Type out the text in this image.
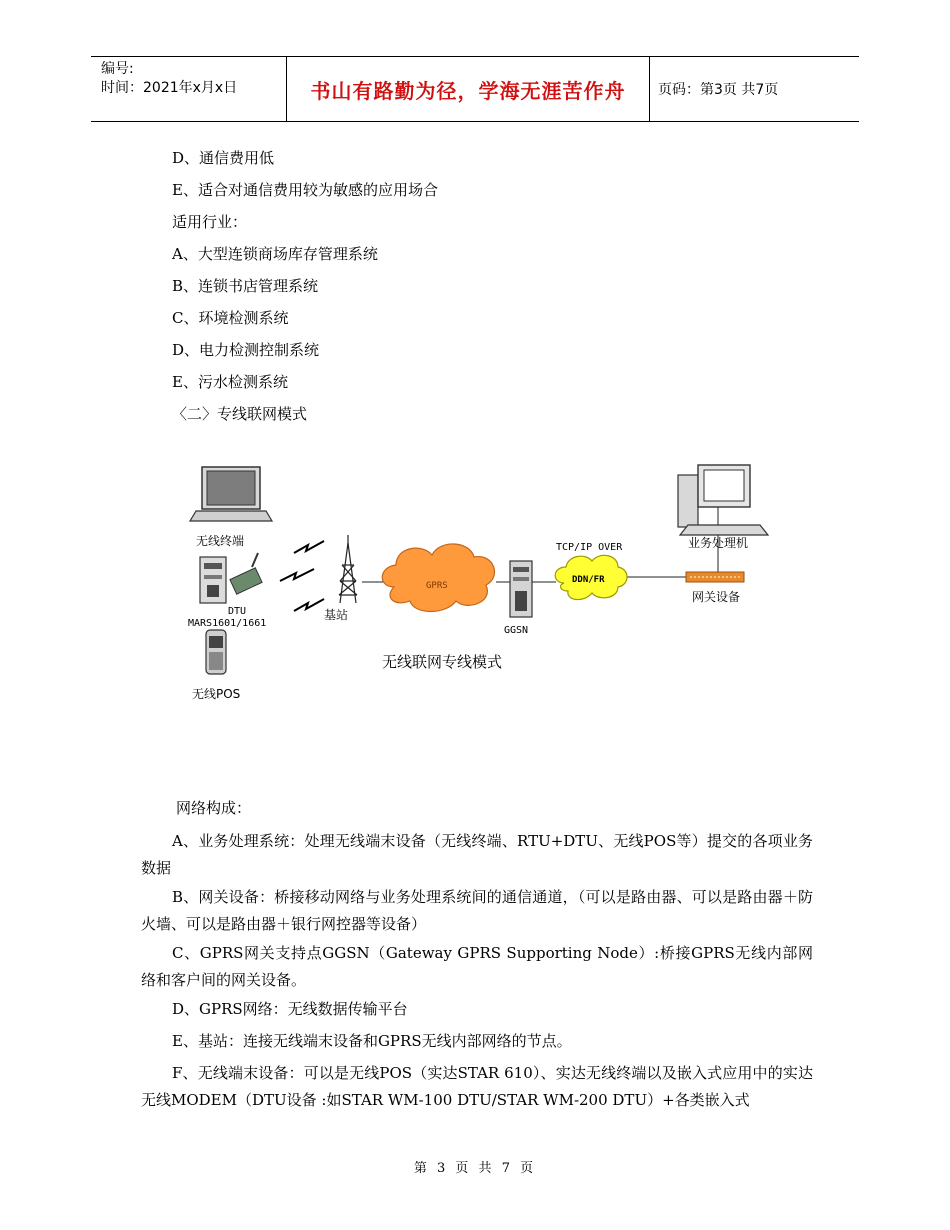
编号:
时间：2021年x月x日	书山有路勤为径，学海无涯苦作舟	页码：第3页 共7页
D、通信费用低
E、适合对通信费用较为敏感的应用场合
适用行业：
A、大型连锁商场库存管理系统
B、连锁书店管理系统
C、环境检测系统
D、电力检测控制系统
E、污水检测系统
〈二〉专线联网模式
无线终端
DTU
MARS1601/1661
无线POS
基站
GPRS
GGSN
TCP/IP OVER
DDN/FR
业务处理机
网关设备
无线联网专线模式
网络构成：
A、业务处理系统：处理无线端末设备（无线终端、RTU+DTU、无线POS等）提交的各项业务数据
B、网关设备：桥接移动网络与业务处理系统间的通信通道，（可以是路由器、可以是路由器＋防火墙、可以是路由器＋银行网控器等设备）
C、GPRS网关支持点GGSN（Gateway GPRS Supporting Node）:桥接GPRS无线内部网络和客户间的网关设备。
D、GPRS网络：无线数据传输平台
E、基站：连接无线端末设备和GPRS无线内部网络的节点。
F、无线端末设备：可以是无线POS（实达STAR 610）、实达无线终端以及嵌入式应用中的实达无线MODEM（DTU设备 :如STAR WM-100 DTU/STAR WM-200 DTU）+各类嵌入式
第 3 页 共 7 页
